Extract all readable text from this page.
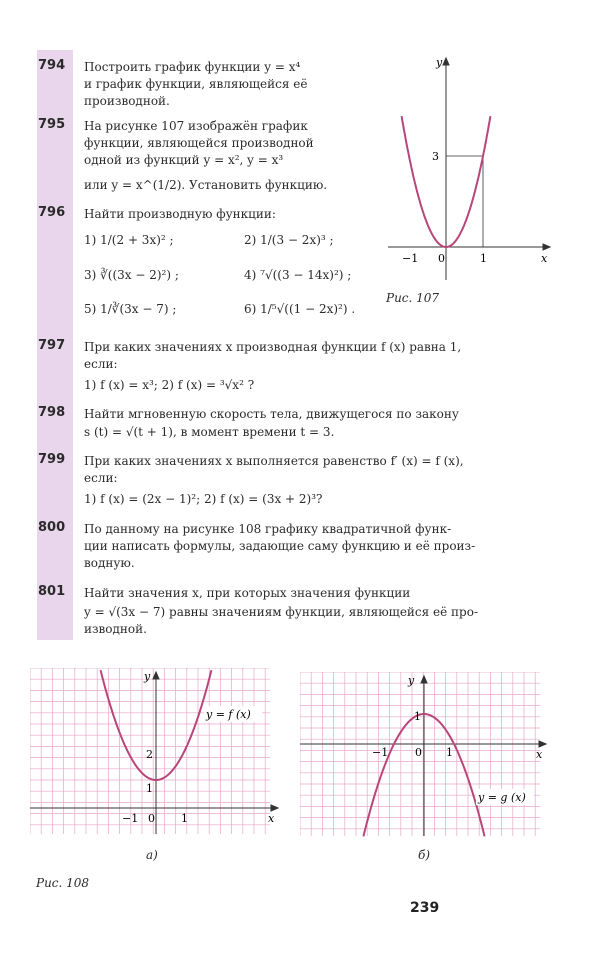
794 Построить график функции y = x⁴
и график функции, являющейся её
производной.
795 На рисунке 107 изображён график
функции, являющейся производной
одной из функций y = x², y = x³
или y = x^(1/2). Установить функцию.
796 Найти производную функции:
1) 1/(2 + 3x)² ;	2) 1/(3 − 2x)³ ;
3) ∛((3x − 2)²) ;	4) ⁷√((3 − 14x)²) ;
5) 1/∛(3x − 7) ;	6) 1/⁵√((1 − 2x)²) .
797 При каких значениях x производная функции f (x) равна 1,
если:
1) f (x) = x³; 2) f (x) = ³√x² ?
798 Найти мгновенную скорость тела, движущегося по закону
s (t) = √(t + 1), в момент времени t = 3.
799 При каких значениях x выполняется равенство f′ (x) = f (x),
если:
1) f (x) = (2x − 1)²; 2) f (x) = (3x + 2)³?
800 По данному на рисунке 108 графику квадратичной функ-
ции написать формулы, задающие саму функцию и её произ-
водную.
801 Найти значения x, при которых значения функции
y = √(3x − 7) равны значениям функции, являющейся её про-
изводной.
y
x
3
−1 0	1
Рис. 107
y = f (x)
y
x
2
1
−1 0 1
а)
y = g (x)
y
x
1
−1 0 1
б)
Рис. 108
239
